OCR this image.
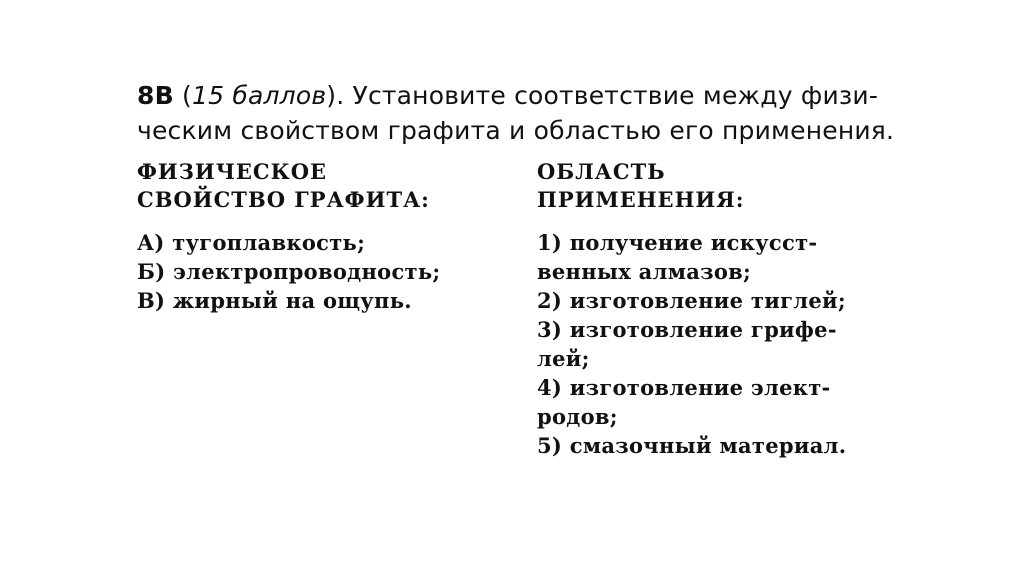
8В (15 баллов). Установите соответствие между физи-
ческим свойством графита и областью его применения.
ФИЗИЧЕСКОЕ
СВОЙСТВО ГРАФИТА:
А) тугоплавкость;
Б) электропроводность;
В) жирный на ощупь.
ОБЛАСТЬ
ПРИМЕНЕНИЯ:
1) получение искусст-
венных алмазов;
2) изготовление тиглей;
3) изготовление грифе-
лей;
4) изготовление элект-
родов;
5) смазочный материал.
